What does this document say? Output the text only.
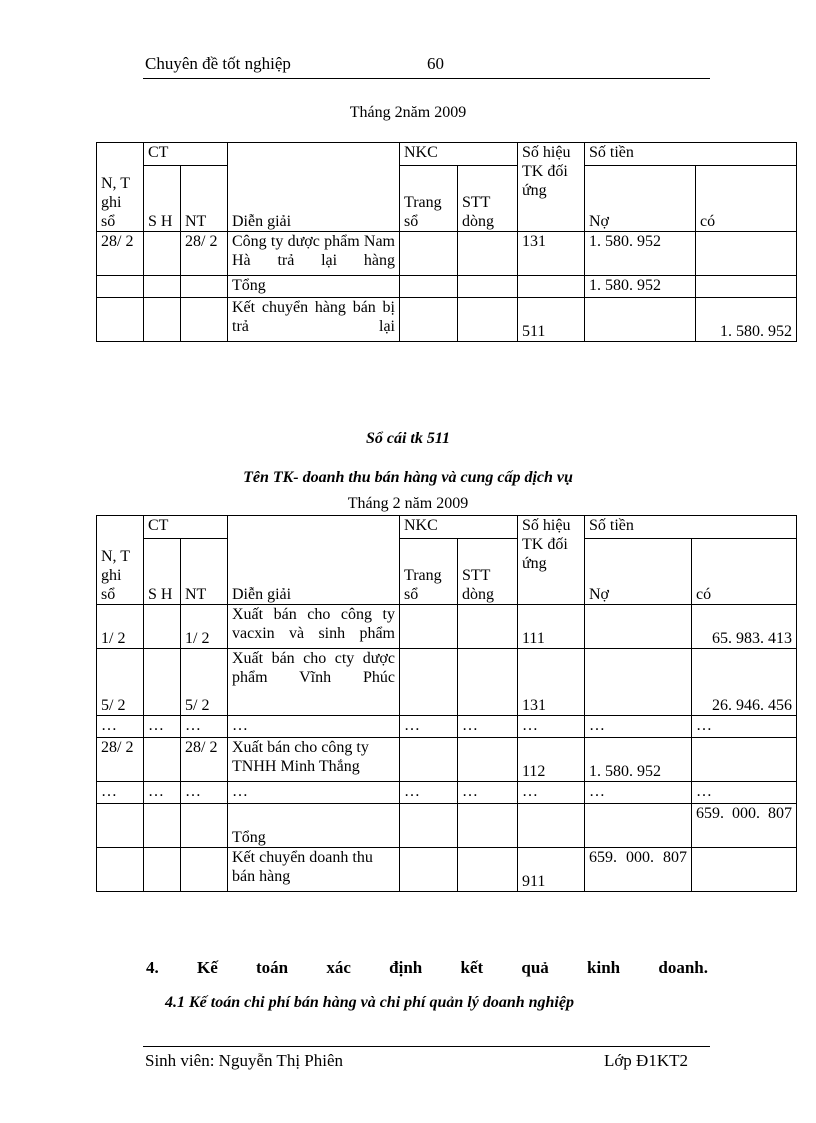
Chuyên đề tốt nghiệp	60
Tháng 2năm 2009
N, T ghi sổ	CT		Diễn giải	NKC		Số hiệu TK đối ứng	Số tiền	
	S H	NT		Trang sổ	STT dòng		Nợ	có
28/ 2		28/ 2	Công ty dược phẩm Nam Hà trả lại hàng			131	1. 580. 952	
			Tổng				1. 580. 952	
			Kết chuyển hàng bán bị trả lại			511		1. 580. 952
Sổ cái tk 511
Tên TK- doanh thu bán hàng và cung cấp dịch vụ
Tháng 2 năm 2009
N, T ghi sổ	CT		Diễn giải	NKC		Số hiệu TK đối ứng	Số tiền	
	S H	NT		Trang sổ	STT dòng		Nợ	có
1/ 2		1/ 2	Xuất bán cho công ty vacxin và sinh phẩm			111		65. 983. 413
5/ 2		5/ 2	Xuất bán cho cty dược phẩm Vĩnh Phúc			131		26. 946. 456
…	…	…	…	…	…	…	…	…
28/ 2		28/ 2	Xuất bán cho công ty TNHH Minh Thắng			112	1. 580. 952	
…	…	…	…	…	…	…	…	…
			Tổng					659. 000. 807
			Kết chuyển doanh thu bán hàng			911	659. 000. 807	
4. Kế toán xác định kết quả kinh doanh.
4.1 Kế toán chi phí bán hàng và chi phí quản lý doanh nghiệp
Sinh viên: Nguyễn Thị Phiên	Lớp Đ1KT2
